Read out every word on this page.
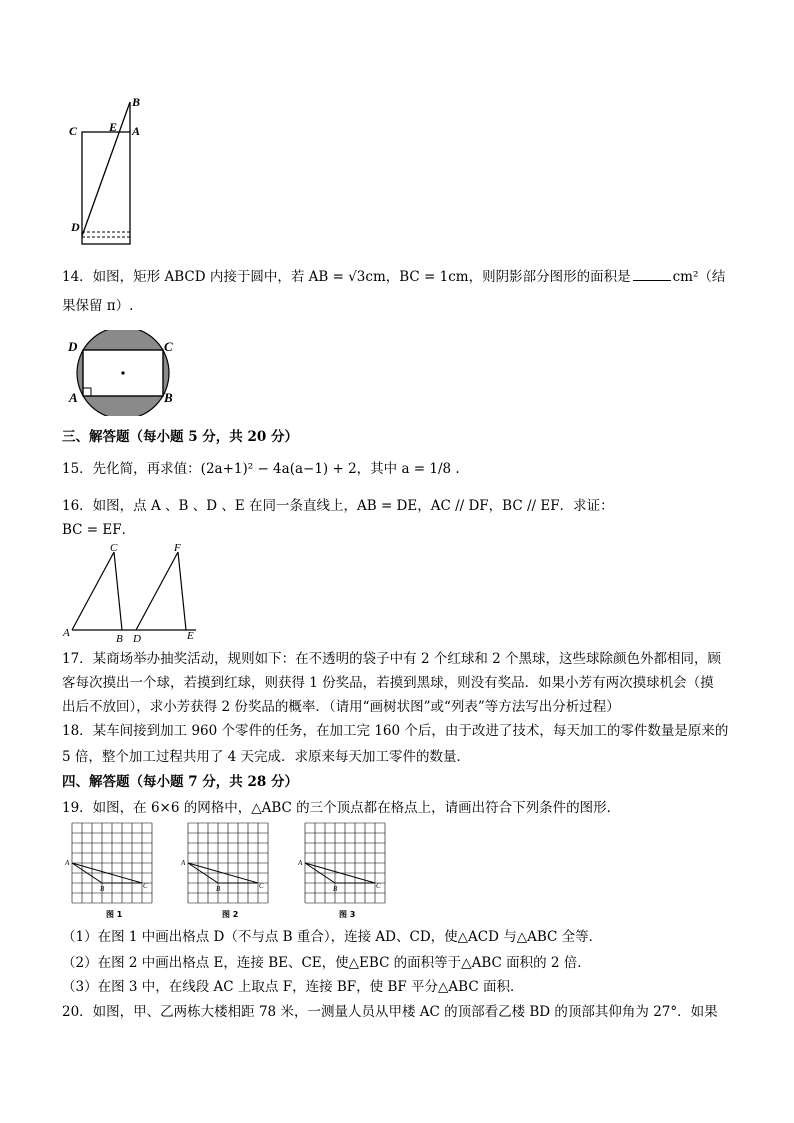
B
C	E A
D
14．如图，矩形 ABCD 内接于圆中，若 AB = √3cm，BC = 1cm，则阴影部分图形的面积是	cm²（结
果保留 π）.
D	C
A	B
三、解答题（每小题 5 分，共 20 分）
15．先化简，再求值：(2a+1)² − 4a(a−1) + 2，其中 a = 1/8 .
16．如图，点 A 、B 、D 、E 在同一条直线上，AB = DE，AC // DF，BC // EF．求证：
BC = EF．
C	F
A	B D	E
17．某商场举办抽奖活动，规则如下：在不透明的袋子中有 2 个红球和 2 个黑球，这些球除颜色外都相同，顾
客每次摸出一个球，若摸到红球，则获得 1 份奖品，若摸到黑球，则没有奖品．如果小芳有两次摸球机会（摸
出后不放回），求小芳获得 2 份奖品的概率．（请用“画树状图”或“列表”等方法写出分析过程）
18．某车间接到加工 960 个零件的任务，在加工完 160 个后，由于改进了技术，每天加工的零件数量是原来的
5 倍，整个加工过程共用了 4 天完成．求原来每天加工零件的数量．
四、解答题（每小题 7 分，共 28 分）
19．如图，在 6×6 的网格中，△ABC 的三个顶点都在格点上，请画出符合下列条件的图形．
A
B	C
图 1
A
B	C
图 2
A
B	C
图 3
（1）在图 1 中画出格点 D（不与点 B 重合），连接 AD、CD，使△ACD 与△ABC 全等．
（2）在图 2 中画出格点 E，连接 BE、CE，使△EBC 的面积等于△ABC 面积的 2 倍．
（3）在图 3 中，在线段 AC 上取点 F，连接 BF，使 BF 平分△ABC 面积．
20．如图，甲、乙两栋大楼相距 78 米，一测量人员从甲楼 AC 的顶部看乙楼 BD 的顶部其仰角为 27°．如果
